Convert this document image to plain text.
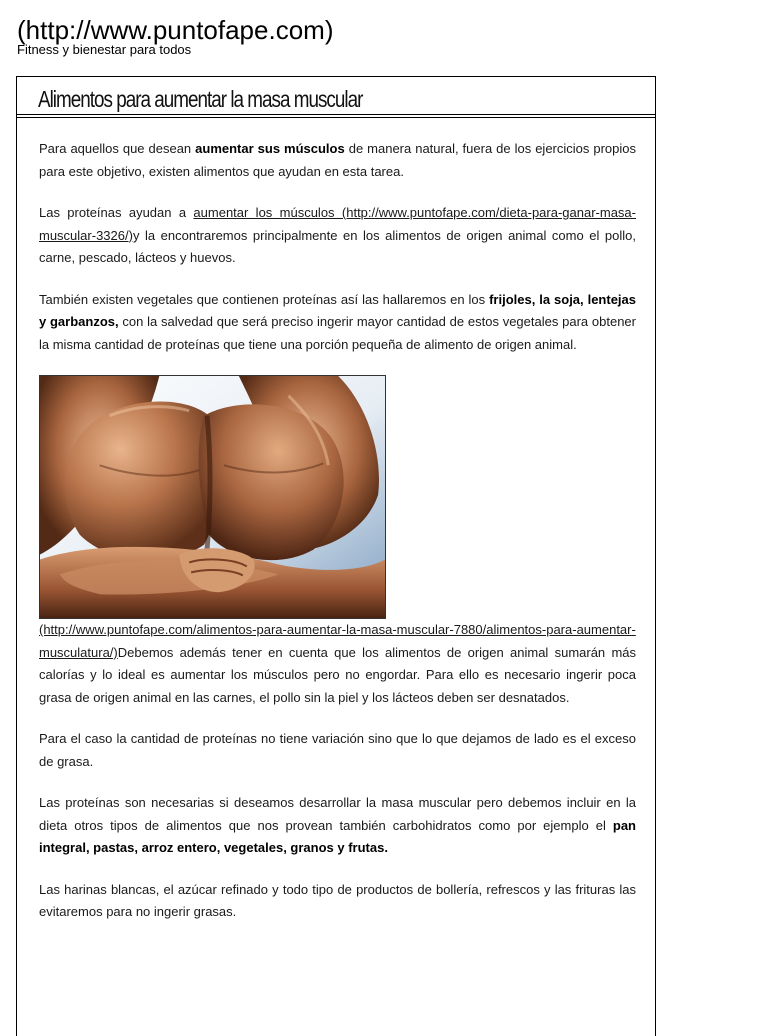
(http://www.puntofape.com)
Fitness y bienestar para todos
Alimentos para aumentar la masa muscular

Para aquellos que desean aumentar sus músculos de manera natural, fuera de los ejercicios propios para este objetivo, existen alimentos que ayudan en esta tarea.

Las proteínas ayudan a aumentar los músculos (http://www.puntofape.com/dieta-para-ganar-masa-muscular-3326/)y la encontraremos principalmente en los alimentos de origen animal como el pollo, carne, pescado, lácteos y huevos.

También existen vegetales que contienen proteínas así las hallaremos en los frijoles, la soja, lentejas y garbanzos, con la salvedad que será preciso ingerir mayor cantidad de estos vegetales para obtener la misma cantidad de proteínas que tiene una porción pequeña de alimento de origen animal.

(http://www.puntofape.com/alimentos-para-aumentar-la-masa-muscular-7880/alimentos-para-aumentar-musculatura/)Debemos además tener en cuenta que los alimentos de origen animal sumarán más calorías y lo ideal es aumentar los músculos pero no engordar. Para ello es necesario ingerir poca grasa de origen animal en las carnes, el pollo sin la piel y los lácteos deben ser desnatados.

Para el caso la cantidad de proteínas no tiene variación sino que lo que dejamos de lado es el exceso de grasa.

Las proteínas son necesarias si deseamos desarrollar la masa muscular pero debemos incluir en la dieta otros tipos de alimentos que nos provean también carbohidratos como por ejemplo el pan integral, pastas, arroz entero, vegetales, granos y frutas.

Las harinas blancas, el azúcar refinado y todo tipo de productos de bollería, refrescos y las frituras las evitaremos para no ingerir grasas.
